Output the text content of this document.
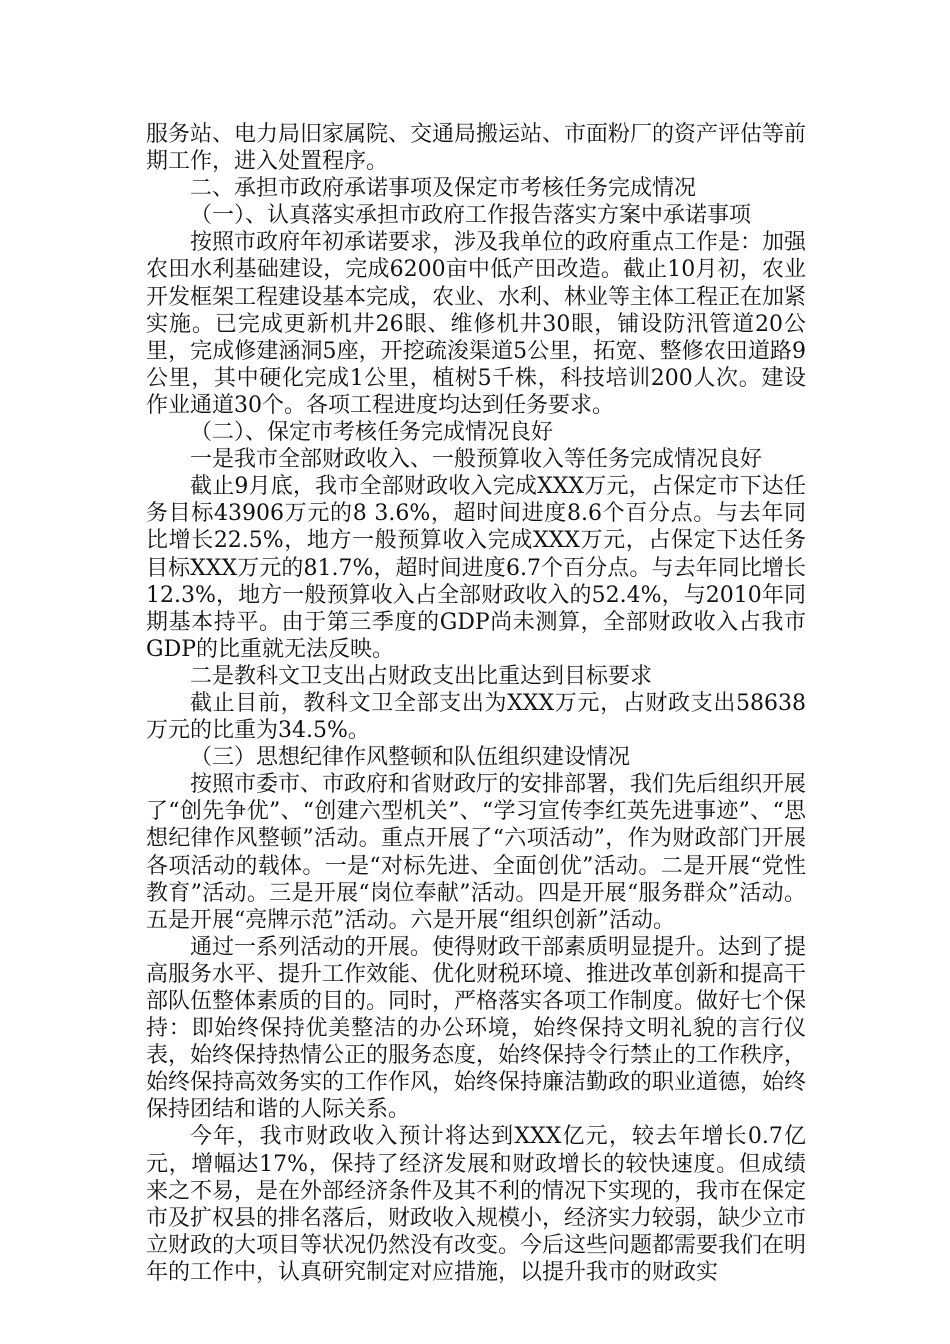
服务站、电力局旧家属院、交通局搬运站、市面粉厂的资产评估等前期工作，进入处置程序。

二、承担市政府承诺事项及保定市考核任务完成情况

（一）、认真落实承担市政府工作报告落实方案中承诺事项

按照市政府年初承诺要求，涉及我单位的政府重点工作是：加强农田水利基础建设，完成6200亩中低产田改造。截止10月初，农业开发框架工程建设基本完成，农业、水利、林业等主体工程正在加紧实施。已完成更新机井26眼、维修机井30眼，铺设防汛管道20公里，完成修建涵洞5座，开挖疏浚渠道5公里，拓宽、整修农田道路9公里，其中硬化完成1公里，植树5千株，科技培训200人次。建设作业通道30个。各项工程进度均达到任务要求。

（二）、保定市考核任务完成情况良好

一是我市全部财政收入、一般预算收入等任务完成情况良好

截止9月底，我市全部财政收入完成XXX万元，占保定市下达任务目标43906万元的8 3.6%，超时间进度8.6个百分点。与去年同比增长22.5%，地方一般预算收入完成XXX万元，占保定下达任务目标XXX万元的81.7%，超时间进度6.7个百分点。与去年同比增长12.3%，地方一般预算收入占全部财政收入的52.4%，与2010年同期基本持平。由于第三季度的GDP尚未测算，全部财政收入占我市GDP的比重就无法反映。

二是教科文卫支出占财政支出比重达到目标要求

截止目前，教科文卫全部支出为XXX万元，占财政支出58638万元的比重为34.5%。

（三）思想纪律作风整顿和队伍组织建设情况

按照市委市、市政府和省财政厅的安排部署，我们先后组织开展了“创先争优”、“创建六型机关”、“学习宣传李红英先进事迹”、“思想纪律作风整顿”活动。重点开展了“六项活动”，作为财政部门开展各项活动的载体。一是“对标先进、全面创优”活动。二是开展“党性教育”活动。三是开展“岗位奉献”活动。四是开展“服务群众”活动。五是开展“亮牌示范”活动。六是开展“组织创新”活动。

通过一系列活动的开展。使得财政干部素质明显提升。达到了提高服务水平、提升工作效能、优化财税环境、推进改革创新和提高干部队伍整体素质的目的。同时，严格落实各项工作制度。做好七个保持：即始终保持优美整洁的办公环境，始终保持文明礼貌的言行仪表，始终保持热情公正的服务态度，始终保持令行禁止的工作秩序，始终保持高效务实的工作作风，始终保持廉洁勤政的职业道德，始终保持团结和谐的人际关系。

今年，我市财政收入预计将达到XXX亿元，较去年增长0.7亿元，增幅达17%，保持了经济发展和财政增长的较快速度。但成绩来之不易，是在外部经济条件及其不利的情况下实现的，我市在保定市及扩权县的排名落后，财政收入规模小，经济实力较弱，缺少立市立财政的大项目等状况仍然没有改变。今后这些问题都需要我们在明年的工作中，认真研究制定对应措施，以提升我市的财政实
